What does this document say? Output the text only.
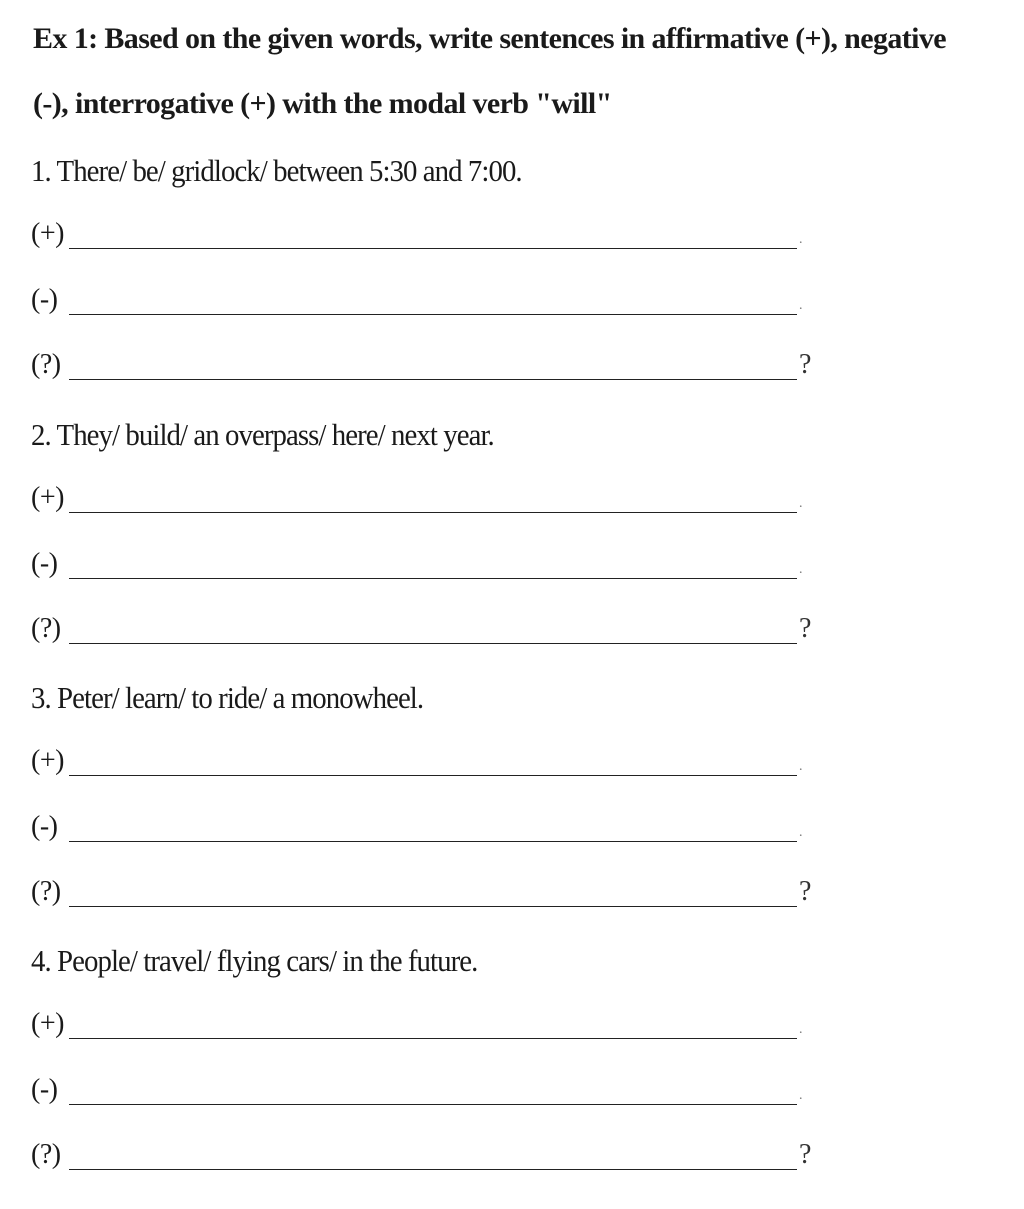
Ex 1: Based on the given words, write sentences in affirmative (+), negative

(-), interrogative (+) with the modal verb "will"

1. There/ be/ gridlock/ between 5:30 and 7:00.
(+)	.
(-)	.
(?)	?
2. They/ build/ an overpass/ here/ next year.
(+)	.
(-)	.
(?)	?
3. Peter/ learn/ to ride/ a monowheel.
(+)	.
(-)	.
(?)	?
4. People/ travel/ flying cars/ in the future.
(+)	.
(-)	.
(?)	?
